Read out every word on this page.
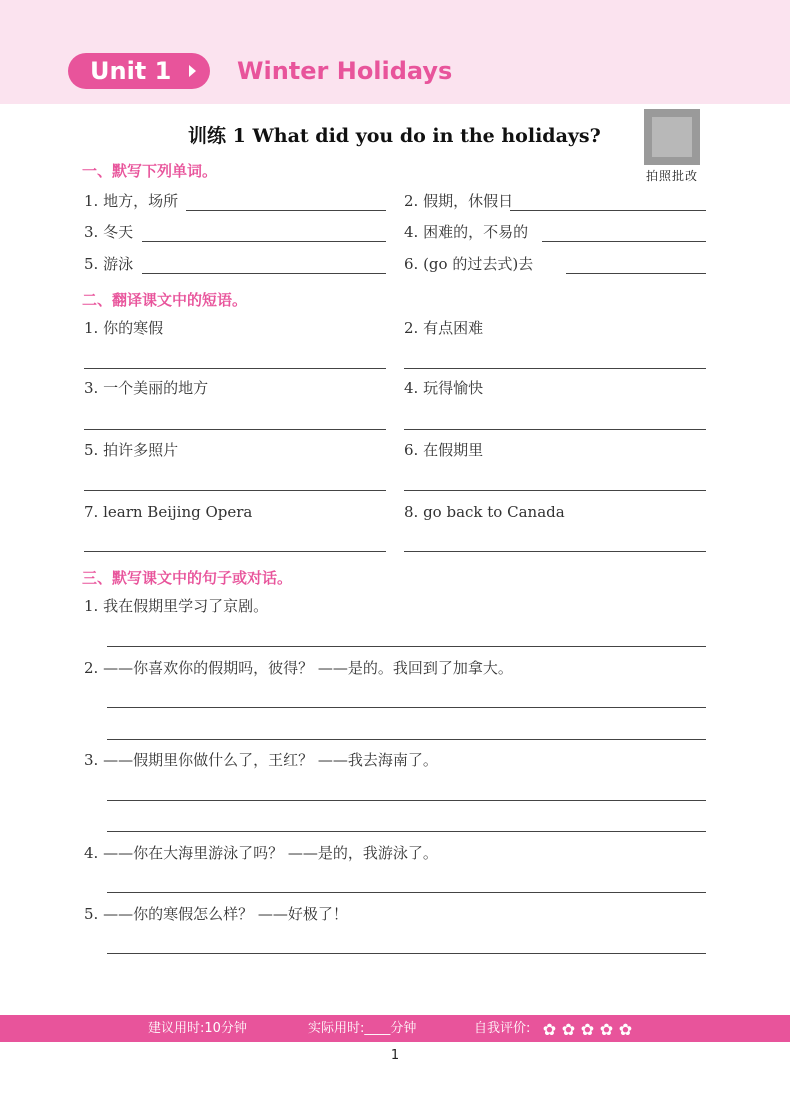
Unit 1	Winter Holidays
训练 1 What did you do in the holidays?
拍照批改
一、默写下列单词。
1. 地方，场所	2. 假期，休假日
3. 冬天	4. 困难的，不易的
5. 游泳	6. (go 的过去式)去
二、翻译课文中的短语。
1. 你的寒假	2. 有点困难
3. 一个美丽的地方	4. 玩得愉快
5. 拍许多照片	6. 在假期里
7. learn Beijing Opera	8. go back to Canada
三、默写课文中的句子或对话。
1. 我在假期里学习了京剧。
2. ——你喜欢你的假期吗，彼得？ ——是的。我回到了加拿大。
3. ——假期里你做什么了，王红？ ——我去海南了。
4. ——你在大海里游泳了吗？ ——是的，我游泳了。
5. ——你的寒假怎么样？ ——好极了！
建议用时:10分钟	实际用时:____分钟	自我评价: ✿ ✿ ✿ ✿ ✿
1
